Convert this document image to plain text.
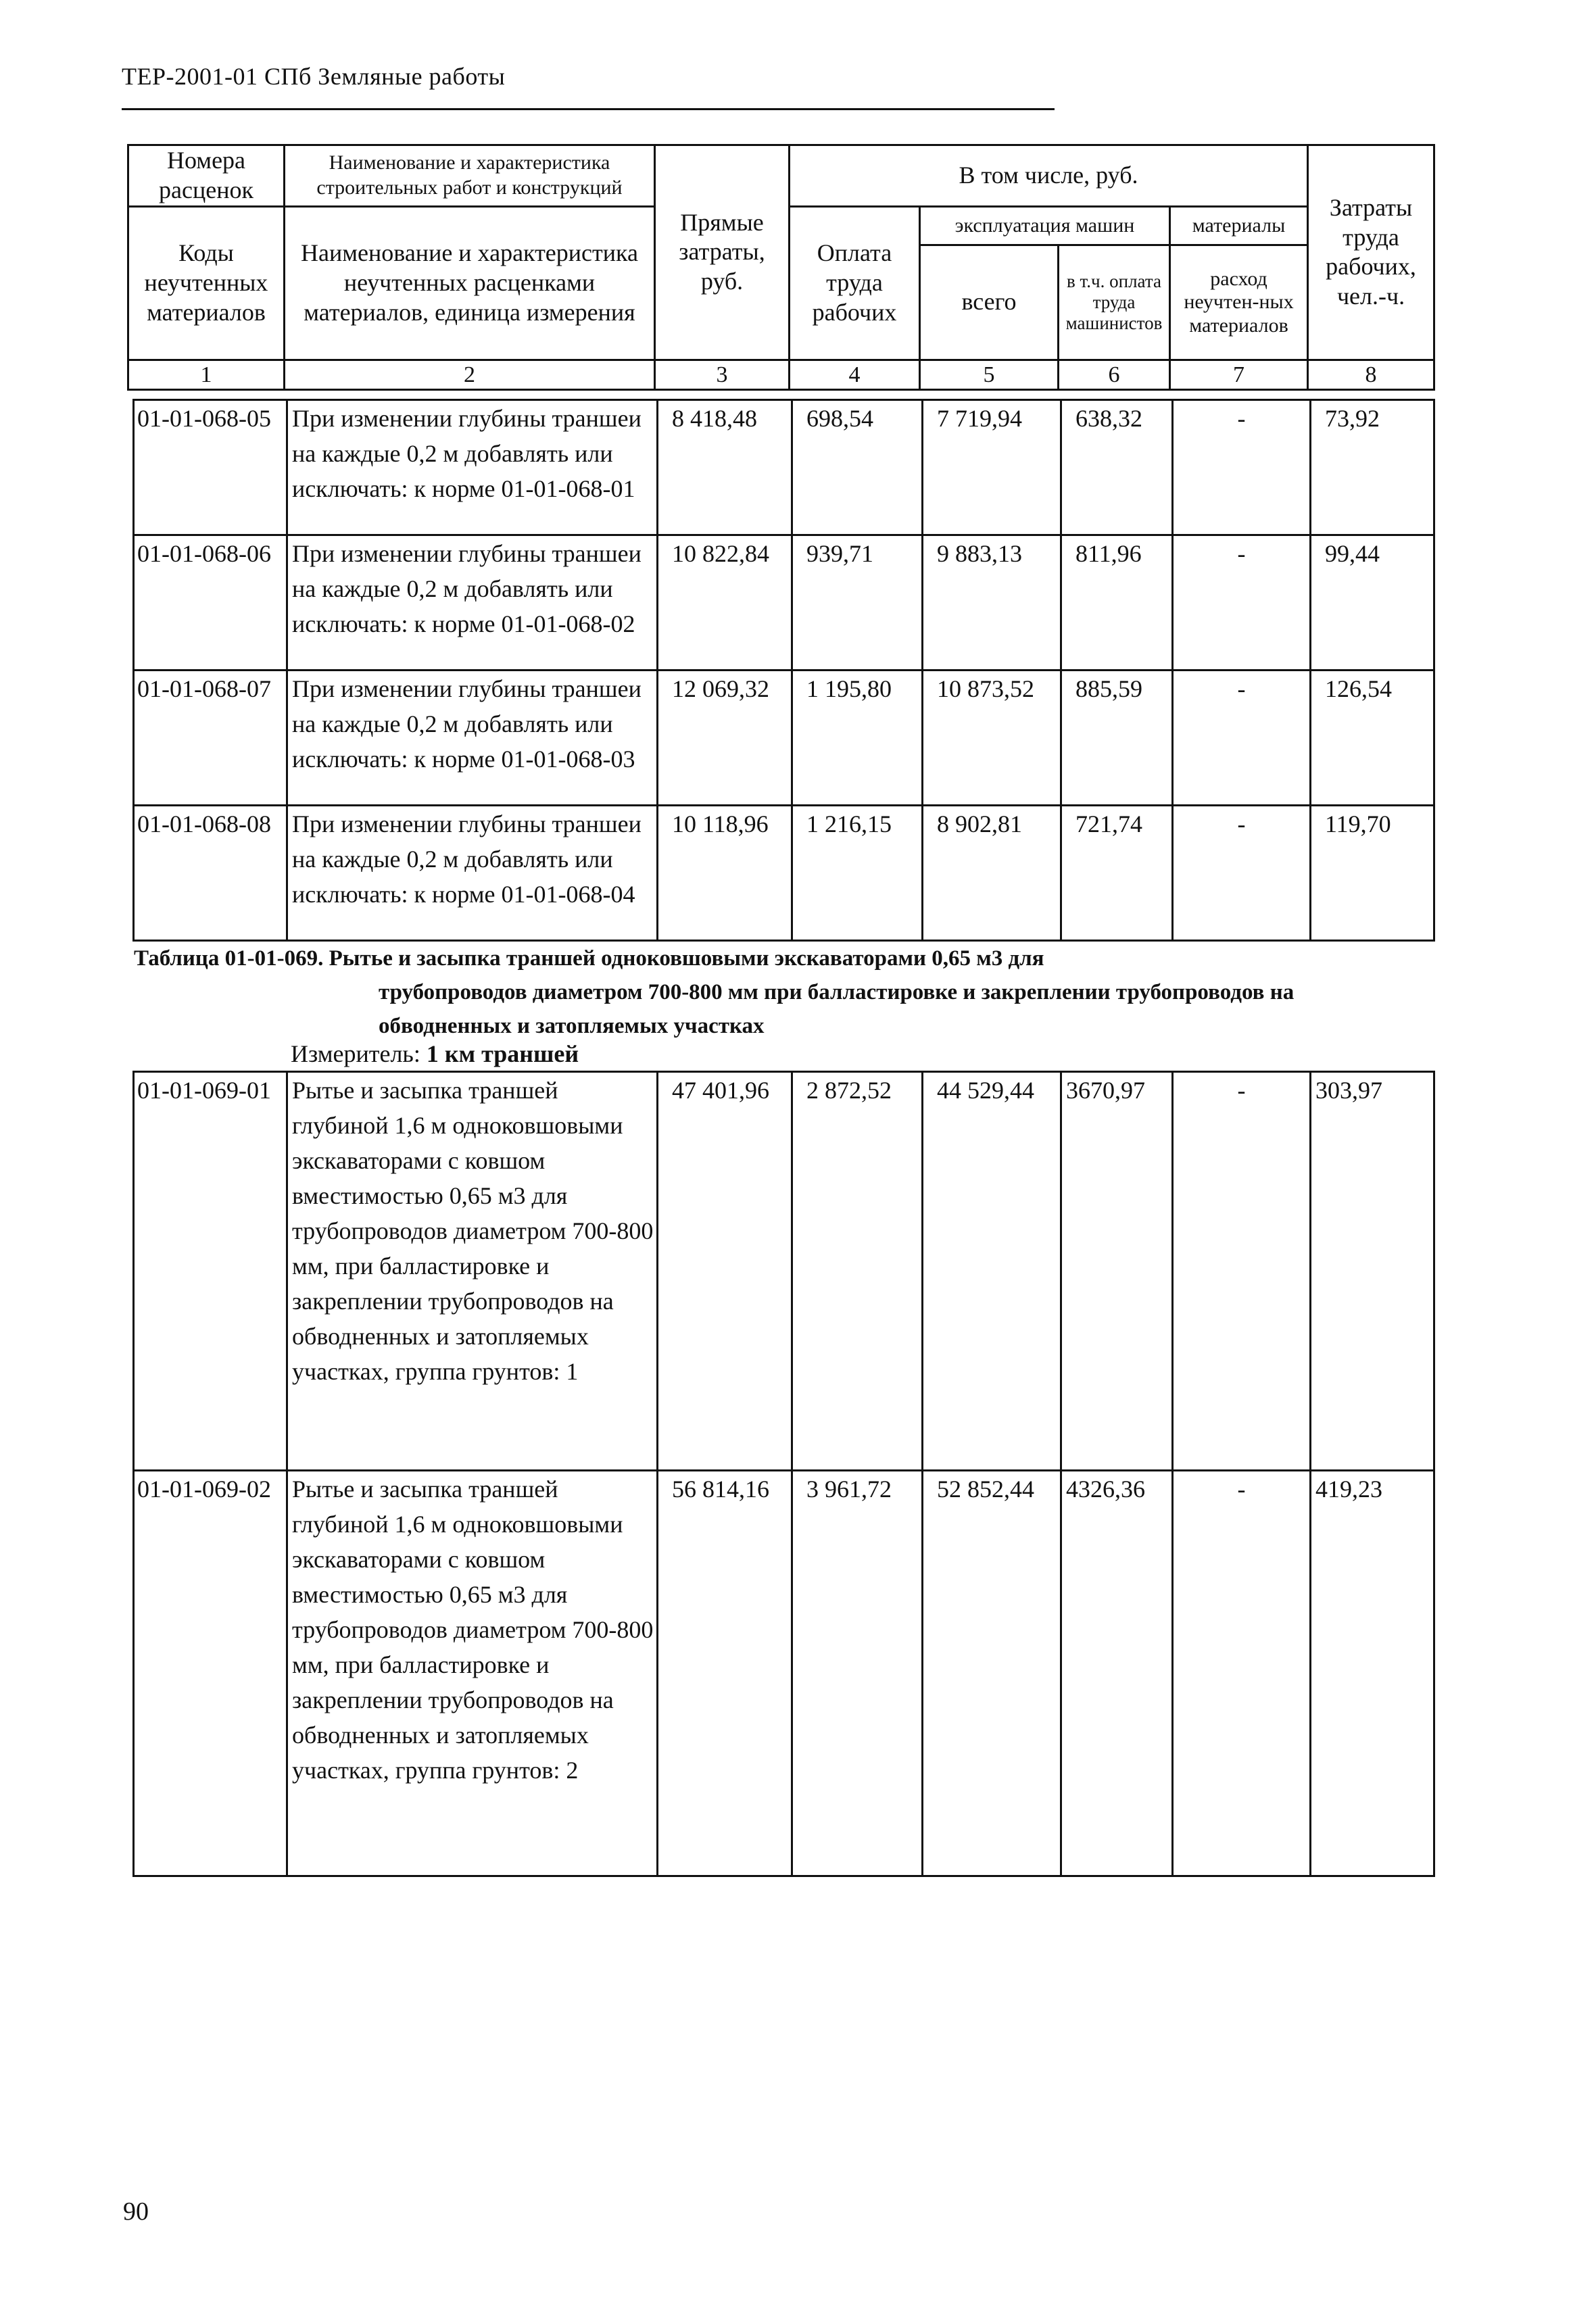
ТЕР-2001-01 СПб Земляные работы
Номера расценок	Наименование и характеристика строительных работ и конструкций	Прямые затраты, руб.	В том числе, руб.				Затраты труда рабочих, чел.-ч.
Коды неучтенных материалов	Наименование и характеристика неучтенных расценками материалов, единица измерения		Оплата труда рабочих	эксплуатация машин		материалы	
				всего	в т.ч. оплата труда машинистов	расход неучтен-ных материалов	
1	2	3	4	5	6	7	8
01-01-068-05	При изменении глубины траншеи на каждые 0,2 м добавлять или исключать: к норме 01-01-068-01	8 418,48	698,54	7 719,94	638,32	-	73,92
01-01-068-06	При изменении глубины траншеи на каждые 0,2 м добавлять или исключать: к норме 01-01-068-02	10 822,84	939,71	9 883,13	811,96	-	99,44
01-01-068-07	При изменении глубины траншеи на каждые 0,2 м добавлять или исключать: к норме 01-01-068-03	12 069,32	1 195,80	10 873,52	885,59	-	126,54
01-01-068-08	При изменении глубины траншеи на каждые 0,2 м добавлять или исключать: к норме 01-01-068-04	10 118,96	1 216,15	8 902,81	721,74	-	119,70
Таблица 01-01-069. Рытье и засыпка траншей одноковшовыми экскаваторами 0,65 м3 для
трубопроводов диаметром 700-800 мм при балластировке и закреплении трубопроводов на
обводненных и затопляемых участках
Измеритель: 1 км траншей
01-01-069-01	Рытье и засыпка траншей глубиной 1,6 м одноковшовыми экскаваторами с ковшом вместимостью 0,65 м3 для трубопроводов диаметром 700-800 мм, при балластировке и закреплении трубопроводов на обводненных и затопляемых участках, группа грунтов: 1	47 401,96	2 872,52	44 529,44	3670,97	-	303,97
01-01-069-02	Рытье и засыпка траншей глубиной 1,6 м одноковшовыми экскаваторами с ковшом вместимостью 0,65 м3 для трубопроводов диаметром 700-800 мм, при балластировке и закреплении трубопроводов на обводненных и затопляемых участках, группа грунтов: 2	56 814,16	3 961,72	52 852,44	4326,36	-	419,23
90
